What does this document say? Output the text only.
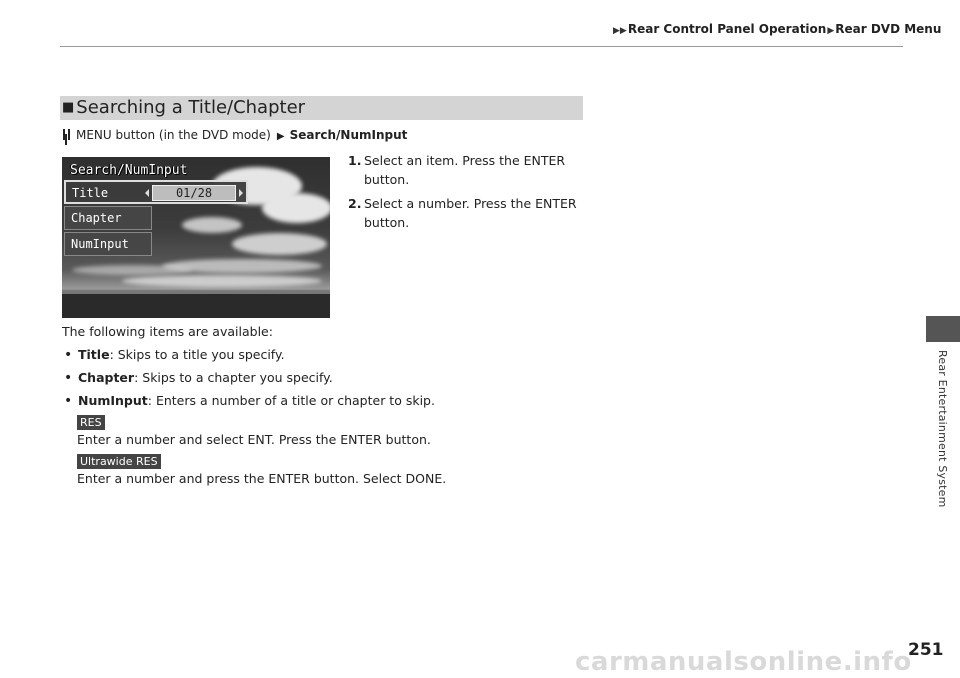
▶▶Rear Control Panel Operation▶Rear DVD Menu
Rear Entertainment System
■ Searching a Title/Chapter
MENU button (in the DVD mode) ▶ Search/NumInput
Search/NumInput
Title	01/28
Chapter
NumInput
1. Select an item. Press the ENTER button.
2. Select a number. Press the ENTER button.
The following items are available:
• Title: Skips to a title you specify.
• Chapter: Skips to a chapter you specify.
• NumInput: Enters a number of a title or chapter to skip.
RES
Enter a number and select ENT. Press the ENTER button.
Ultrawide RES
Enter a number and press the ENTER button. Select DONE.
carmanualsonline.info
251
